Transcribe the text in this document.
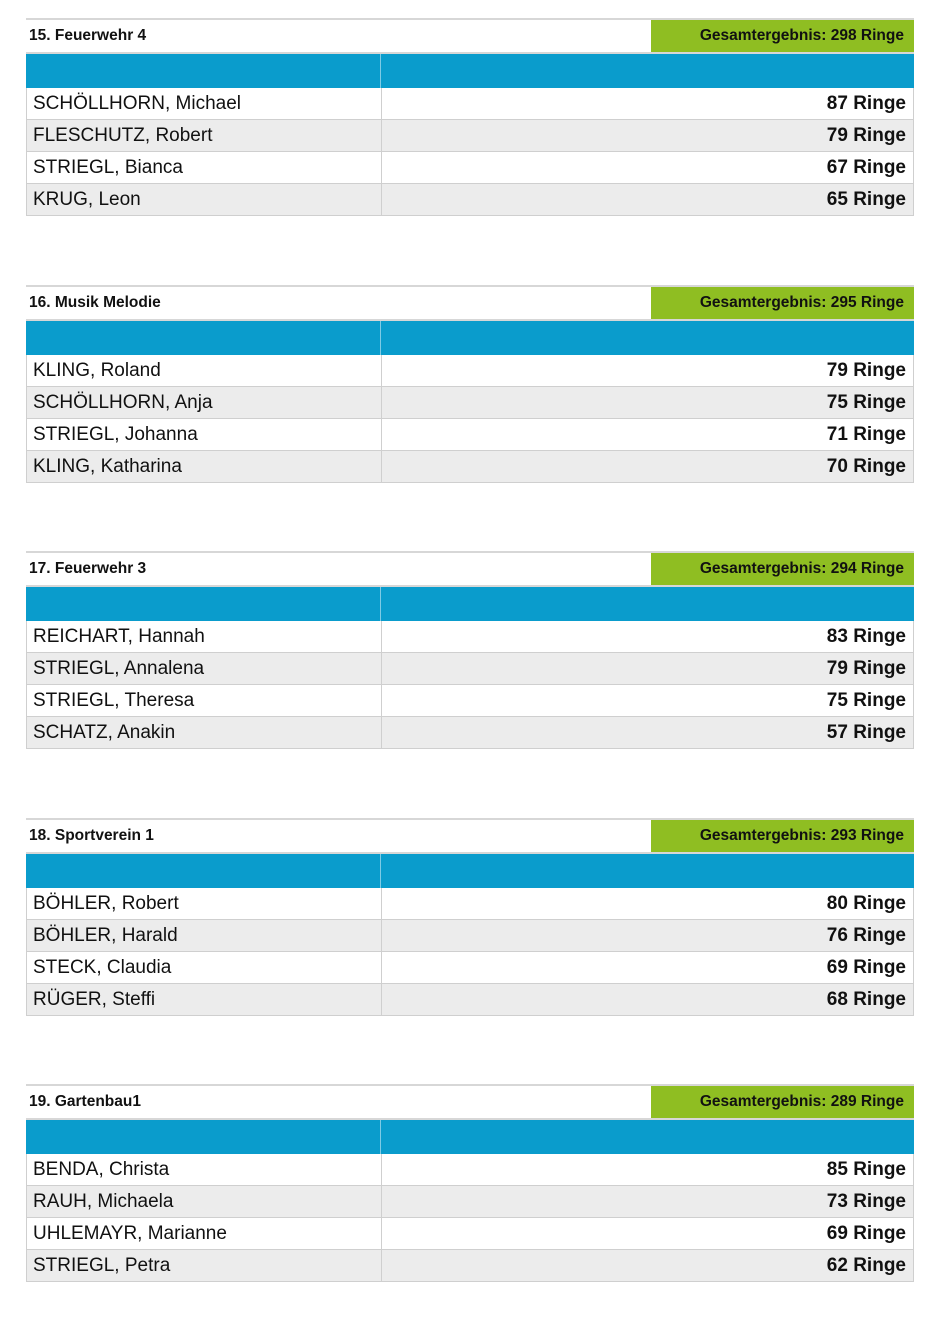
15. Feuerwehr 4	Gesamtergebnis: 298 Ringe
SCHÖLLHORN, Michael	87 Ringe
FLESCHUTZ, Robert	79 Ringe
STRIEGL, Bianca	67 Ringe
KRUG, Leon	65 Ringe
16. Musik Melodie	Gesamtergebnis: 295 Ringe
KLING, Roland	79 Ringe
SCHÖLLHORN, Anja	75 Ringe
STRIEGL, Johanna	71 Ringe
KLING, Katharina	70 Ringe
17. Feuerwehr 3	Gesamtergebnis: 294 Ringe
REICHART, Hannah	83 Ringe
STRIEGL, Annalena	79 Ringe
STRIEGL, Theresa	75 Ringe
SCHATZ, Anakin	57 Ringe
18. Sportverein 1	Gesamtergebnis: 293 Ringe
BÖHLER, Robert	80 Ringe
BÖHLER, Harald	76 Ringe
STECK, Claudia	69 Ringe
RÜGER, Steffi	68 Ringe
19. Gartenbau1	Gesamtergebnis: 289 Ringe
BENDA, Christa	85 Ringe
RAUH, Michaela	73 Ringe
UHLEMAYR, Marianne	69 Ringe
STRIEGL, Petra	62 Ringe
